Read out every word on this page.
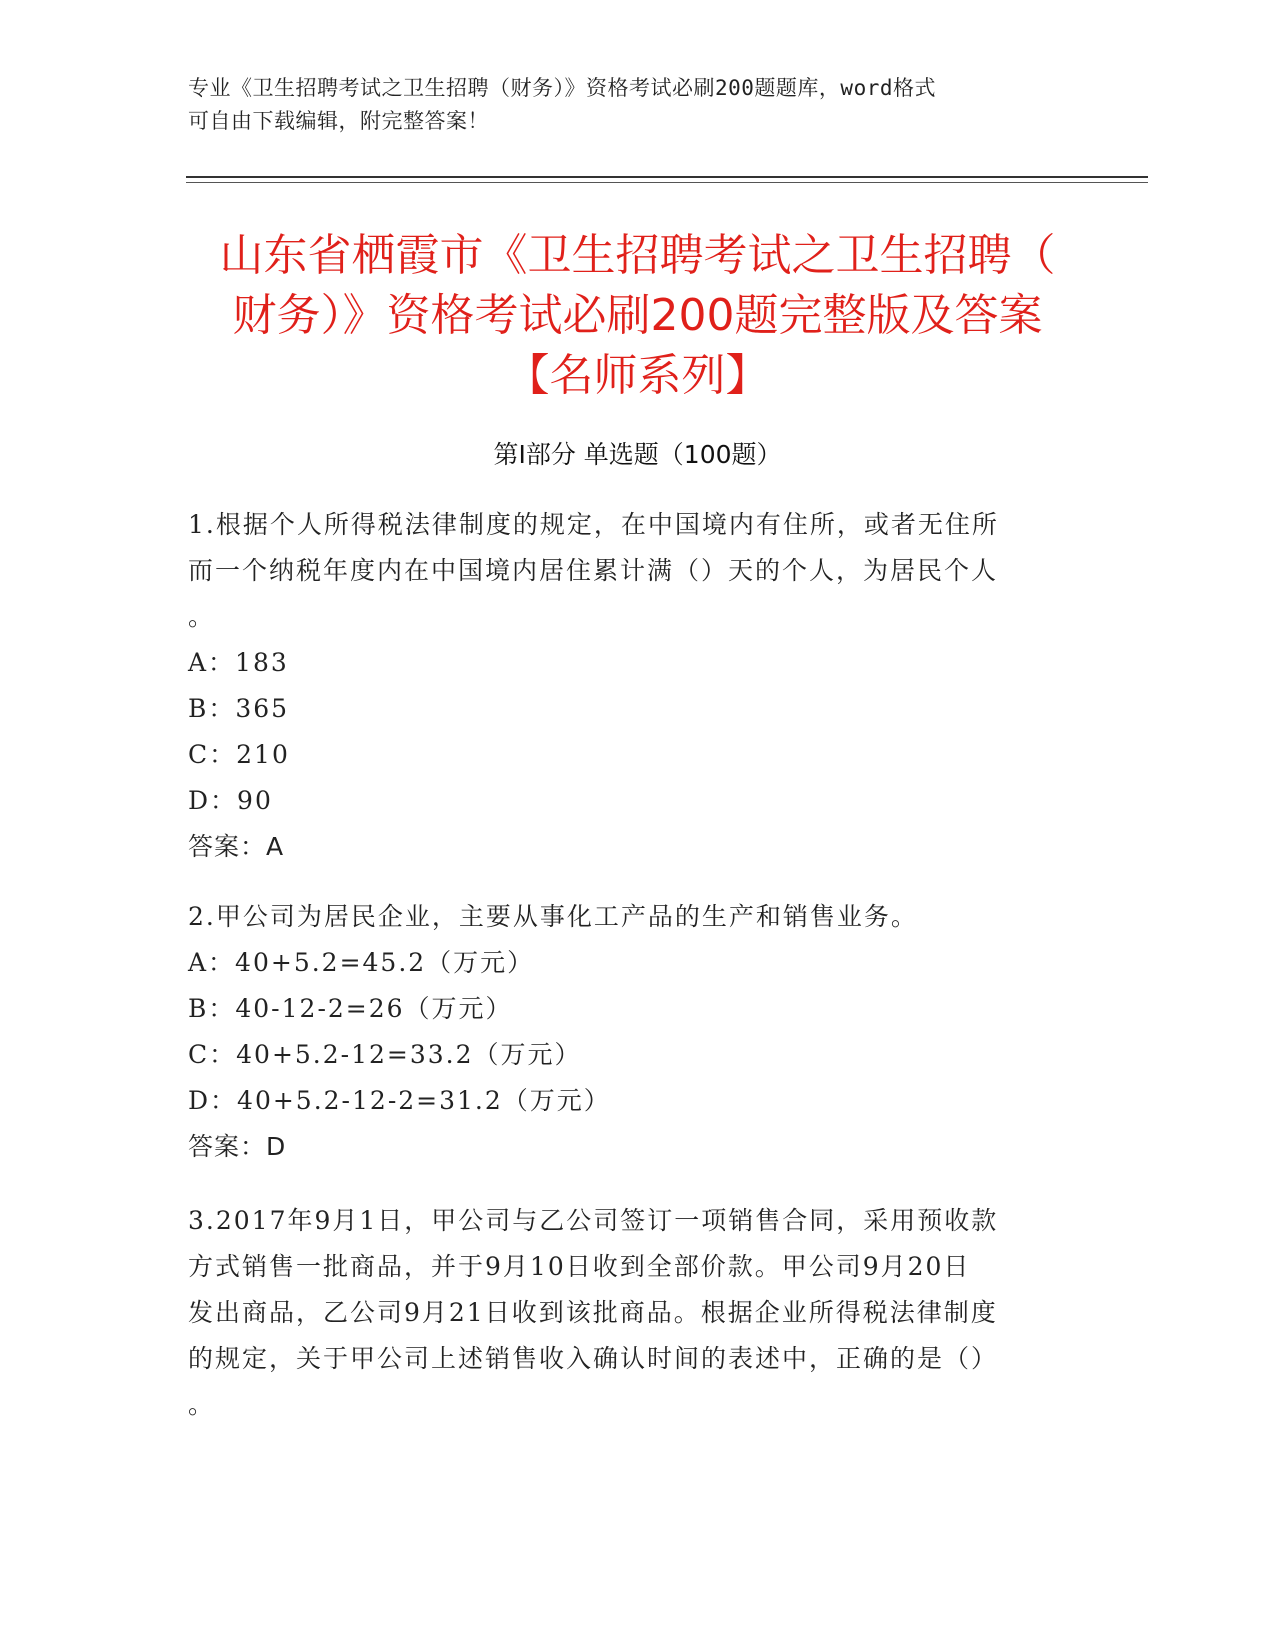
专业《卫生招聘考试之卫生招聘（财务）》资格考试必刷200题题库，word格式
可自由下载编辑，附完整答案！
山东省栖霞市《卫生招聘考试之卫生招聘（
财务）》资格考试必刷200题完整版及答案
【名师系列】
第I部分 单选题（100题）
1.根据个人所得税法律制度的规定，在中国境内有住所，或者无住所
而一个纳税年度内在中国境内居住累计满（）天的个人，为居民个人
。
A：183
B：365
C：210
D：90
答案：A
2.甲公司为居民企业，主要从事化工产品的生产和销售业务。
A：40+5.2=45.2（万元）
B：40-12-2=26（万元）
C：40+5.2-12=33.2（万元）
D：40+5.2-12-2=31.2（万元）
答案：D
3.2017年9月1日，甲公司与乙公司签订一项销售合同，采用预收款
方式销售一批商品，并于9月10日收到全部价款。甲公司9月20日
发出商品，乙公司9月21日收到该批商品。根据企业所得税法律制度
的规定，关于甲公司上述销售收入确认时间的表述中，正确的是（）
。
